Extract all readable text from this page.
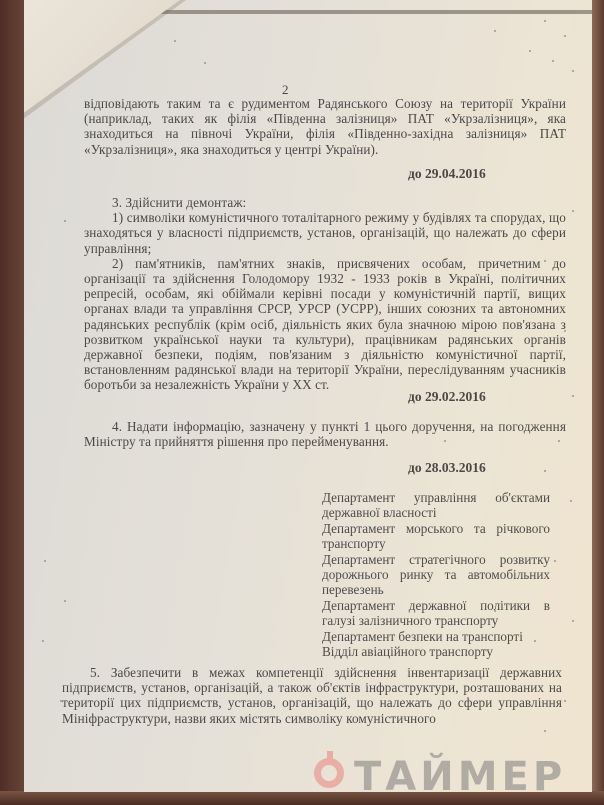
2
відповідають таким та є рудиментом Радянського Союзу на території України (наприклад, таких як філія «Південна залізниця» ПАТ «Укрзалізниця», яка знаходиться на півночі України, філія «Південно-західна залізниця» ПАТ «Укрзалізниця», яка знаходиться у центрі України).
до 29.04.2016
3. Здійснити демонтаж:
1) символіки комуністичного тоталітарного режиму у будівлях та спорудах, що знаходяться у власності підприємств, установ, організацій, що належать до сфери управління;
2) пам'ятників, пам'ятних знаків, присвячених особам, причетним до організації та здійснення Голодомору 1932 - 1933 років в Україні, політичних репресій, особам, які обіймали керівні посади у комуністичній партії, вищих органах влади та управління СРСР, УРСР (УСРР), інших союзних та автономних радянських республік (крім осіб, діяльність яких була значною мірою пов'язана з розвитком української науки та культури), працівникам радянських органів державної безпеки, подіям, пов'язаним з діяльністю комуністичної партії, встановленням радянської влади на території України, переслідуванням учасників боротьби за незалежність України у XX ст.
до 29.02.2016
4. Надати інформацію, зазначену у пункті 1 цього доручення, на погодження Міністру та прийняття рішення про перейменування.
до 28.03.2016
Департамент управління об'єктами державної власності
Департамент морського та річкового транспорту
Департамент стратегічного розвитку дорожнього ринку та автомобільних перевезень
Департамент державної політики в галузі залізничного транспорту
Департамент безпеки на транспорті
Відділ авіаційного транспорту
5. Забезпечити в межах компетенції здійснення інвентаризації державних підприємств, установ, організацій, а також об'єктів інфраструктури, розташованих на території цих підприємств, установ, організацій, що належать до сфери управління Мініфраструктури, назви яких містять символіку комуністичного
ТАЙМЕР
